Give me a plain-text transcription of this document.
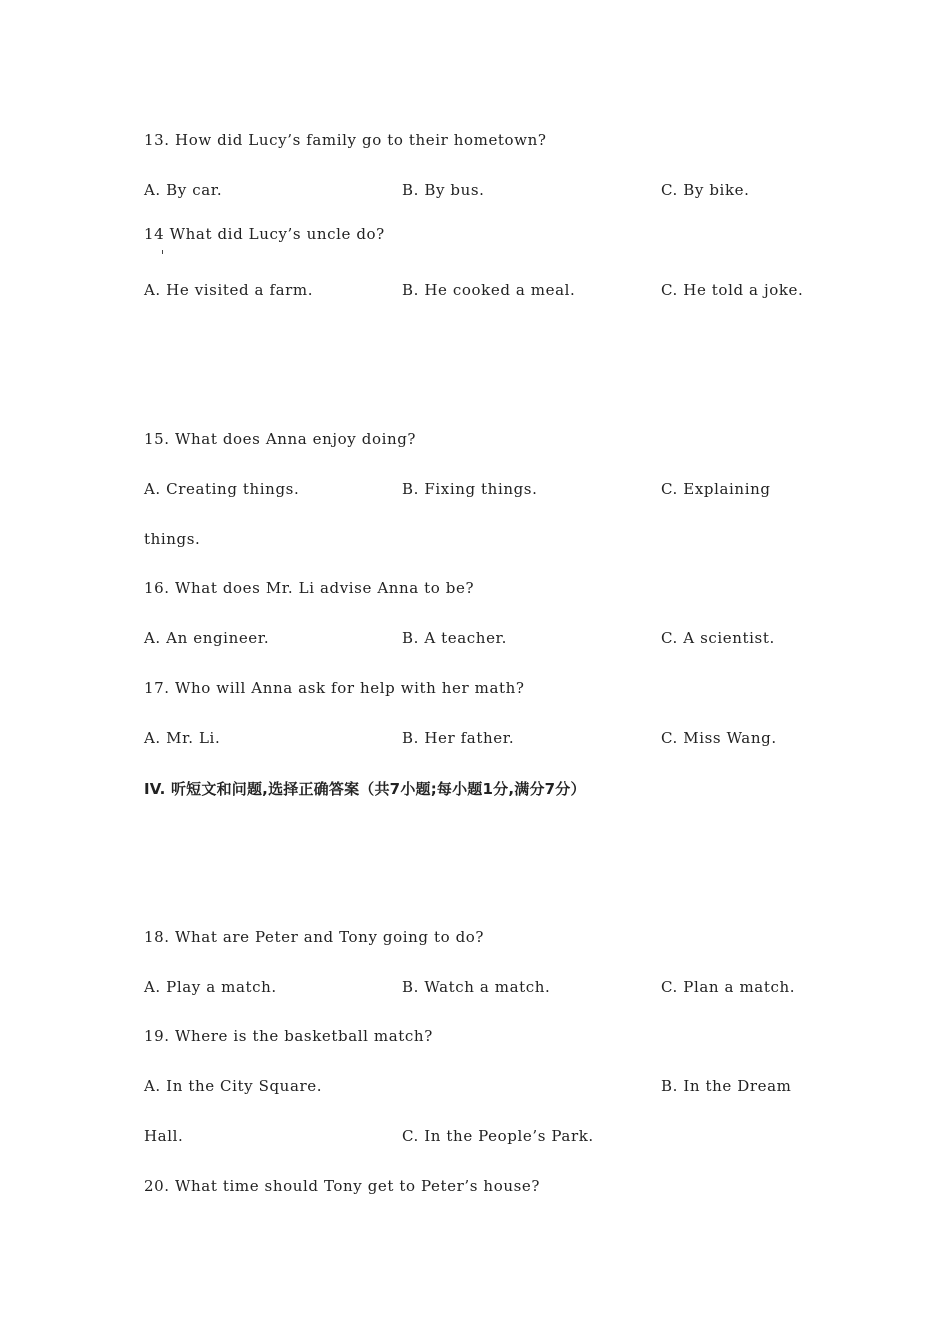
13. How did Lucy’s family go to their hometown?
A. By car.	B. By bus.	C. By bike.
14 What did Lucy’s uncle do?
A. He visited a farm.	B. He cooked a meal.	C. He told a joke.
15. What does Anna enjoy doing?
A. Creating things.	B. Fixing things.	C. Explaining
things.
16. What does Mr. Li advise Anna to be?
A. An engineer.	B. A teacher.	C. A scientist.
17. Who will Anna ask for help with her math?
A. Mr. Li.	B. Her father.	C. Miss Wang.
IV. 听短文和问题,选择正确答案（共7小题;每小题1分,满分7分）
18. What are Peter and Tony going to do?
A. Play a match.	B. Watch a match.	C. Plan a match.
19. Where is the basketball match?
A. In the City Square.	B. In the Dream
Hall.	C. In the People’s Park.
20. What time should Tony get to Peter’s house?
